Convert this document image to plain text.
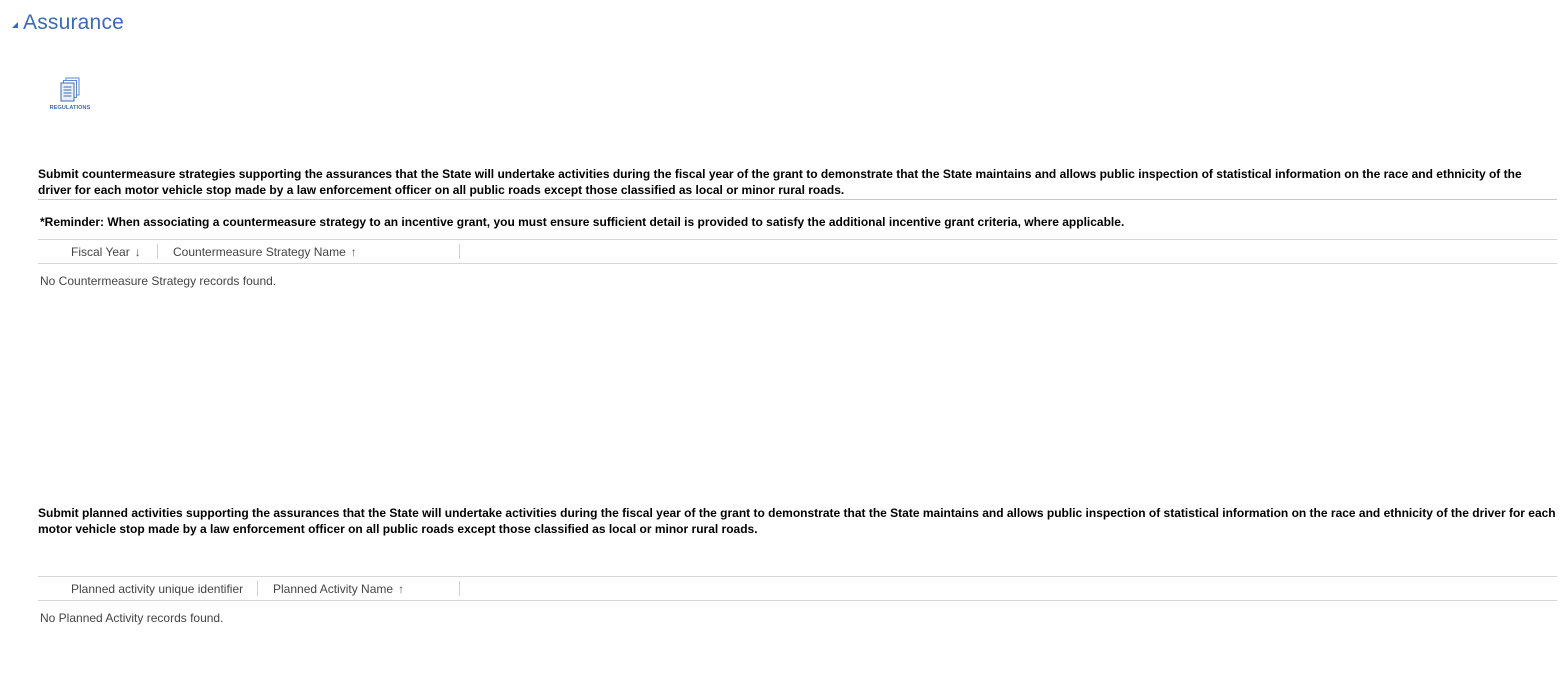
Assurance
REGULATIONS
Submit countermeasure strategies supporting the assurances that the State will undertake activities during the fiscal year of the grant to demonstrate that the State maintains and allows public inspection of statistical information on the race and ethnicity of the driver for each motor vehicle stop made by a law enforcement officer on all public roads except those classified as local or minor rural roads.
*Reminder: When associating a countermeasure strategy to an incentive grant, you must ensure sufficient detail is provided to satisfy the additional incentive grant criteria, where applicable.
Fiscal Year ↓	Countermeasure Strategy Name ↑
No Countermeasure Strategy records found.
Submit planned activities supporting the assurances that the State will undertake activities during the fiscal year of the grant to demonstrate that the State maintains and allows public inspection of statistical information on the race and ethnicity of the driver for each motor vehicle stop made by a law enforcement officer on all public roads except those classified as local or minor rural roads.
Planned activity unique identifier Planned Activity Name ↑
No Planned Activity records found.
